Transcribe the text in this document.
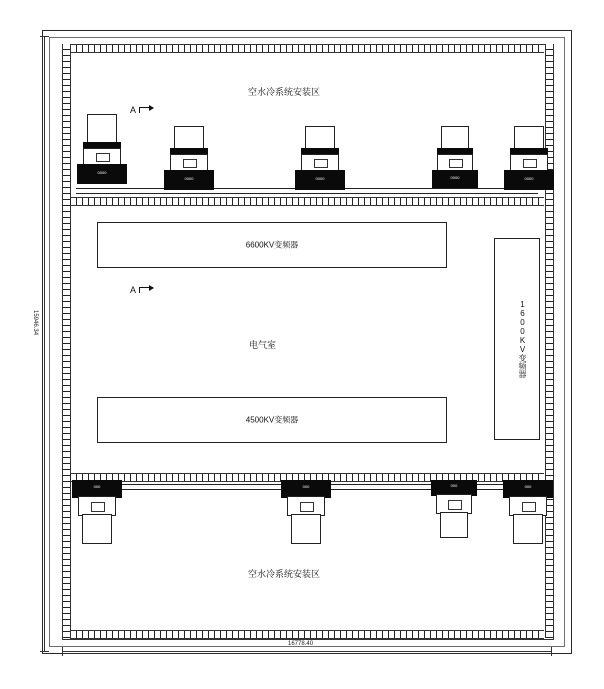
空水冷系统安装区
空水冷系统安装区
电气室
6600KV变频器
4500KV变频器
1600KV变频器
A
A
0000
0000	0000	0000	0000
000	000	000	000
15946.34
16778.40
